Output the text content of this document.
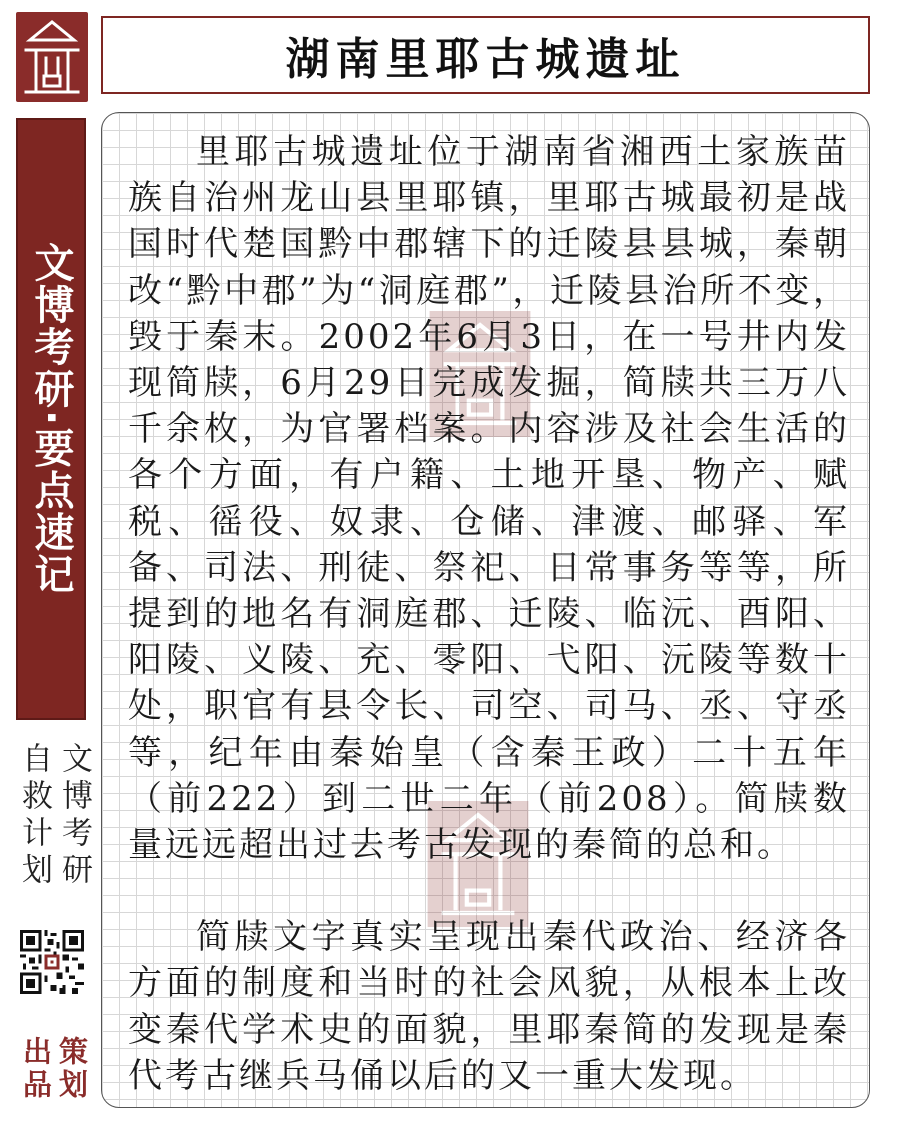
文博考研·要点速记
文博考研
自救计划
策划
出品
湖南里耶古城遗址

里耶古城遗址位于湖南省湘西土家族苗族自治州龙山县里耶镇，里耶古城最初是战国时代楚国黔中郡辖下的迁陵县县城，秦朝改“黔中郡”为“洞庭郡”，迁陵县治所不变，毁于秦末。2002年6月3日，在一号井内发现简牍，6月29日完成发掘，简牍共三万八千余枚，为官署档案。内容涉及社会生活的各个方面，有户籍、土地开垦、物产、赋税、徭役、奴隶、仓储、津渡、邮驿、军备、司法、刑徒、祭祀、日常事务等等，所提到的地名有洞庭郡、迁陵、临沅、酉阳、阳陵、义陵、充、零阳、弋阳、沅陵等数十处，职官有县令长、司空、司马、丞、守丞等，纪年由秦始皇（含秦王政）二十五年（前222）到二世二年（前208）。简牍数量远远超出过去考古发现的秦简的总和。

简牍文字真实呈现出秦代政治、经济各方面的制度和当时的社会风貌，从根本上改变秦代学术史的面貌，里耶秦简的发现是秦代考古继兵马俑以后的又一重大发现。
